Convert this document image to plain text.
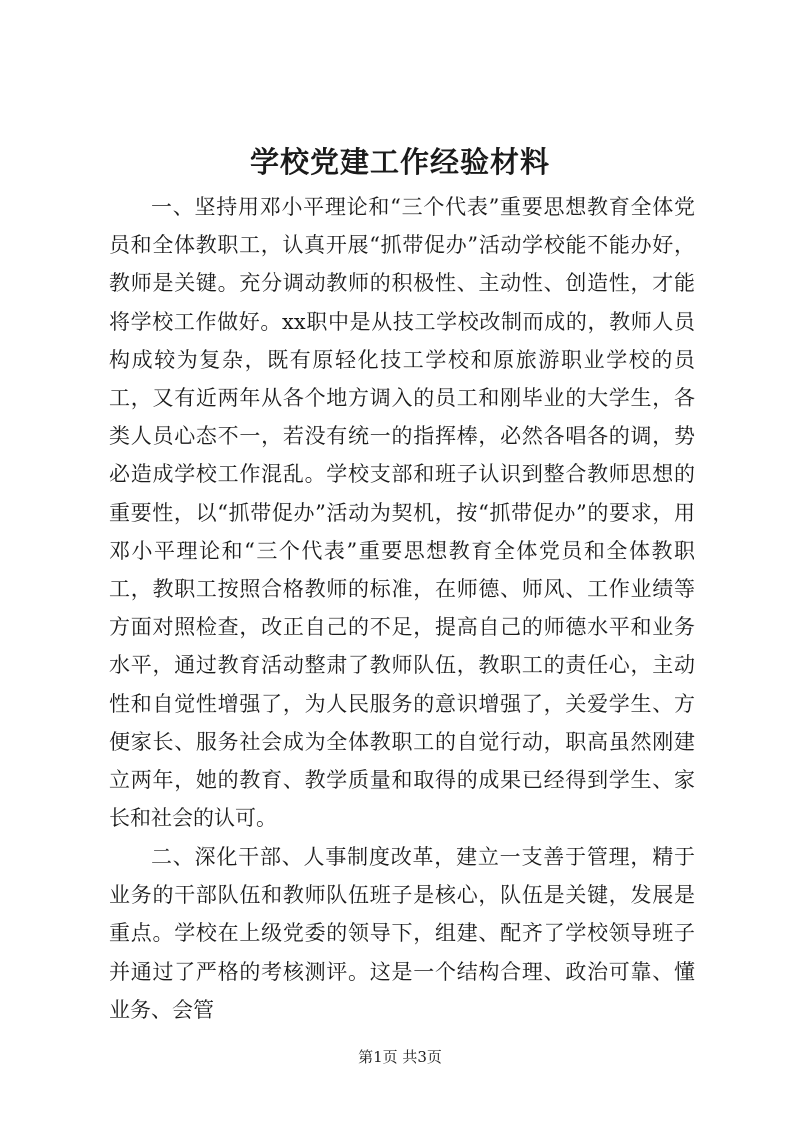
学校党建工作经验材料

一、坚持用邓小平理论和“三个代表”重要思想教育全体党员和全体教职工，认真开展“抓带促办”活动学校能不能办好，教师是关键。充分调动教师的积极性、主动性、创造性，才能将学校工作做好。xx职中是从技工学校改制而成的，教师人员构成较为复杂，既有原轻化技工学校和原旅游职业学校的员工，又有近两年从各个地方调入的员工和刚毕业的大学生，各类人员心态不一，若没有统一的指挥棒，必然各唱各的调，势必造成学校工作混乱。学校支部和班子认识到整合教师思想的重要性，以“抓带促办”活动为契机，按“抓带促办”的要求，用邓小平理论和“三个代表”重要思想教育全体党员和全体教职工，教职工按照合格教师的标准，在师德、师风、工作业绩等方面对照检查，改正自己的不足，提高自己的师德水平和业务水平，通过教育活动整肃了教师队伍，教职工的责任心，主动性和自觉性增强了，为人民服务的意识增强了，关爱学生、方便家长、服务社会成为全体教职工的自觉行动，职高虽然刚建立两年，她的教育、教学质量和取得的成果已经得到学生、家长和社会的认可。

二、深化干部、人事制度改革，建立一支善于管理，精于业务的干部队伍和教师队伍班子是核心，队伍是关键，发展是重点。学校在上级党委的领导下，组建、配齐了学校领导班子并通过了严格的考核测评。这是一个结构合理、政治可靠、懂业务、会管

第1页 共3页
